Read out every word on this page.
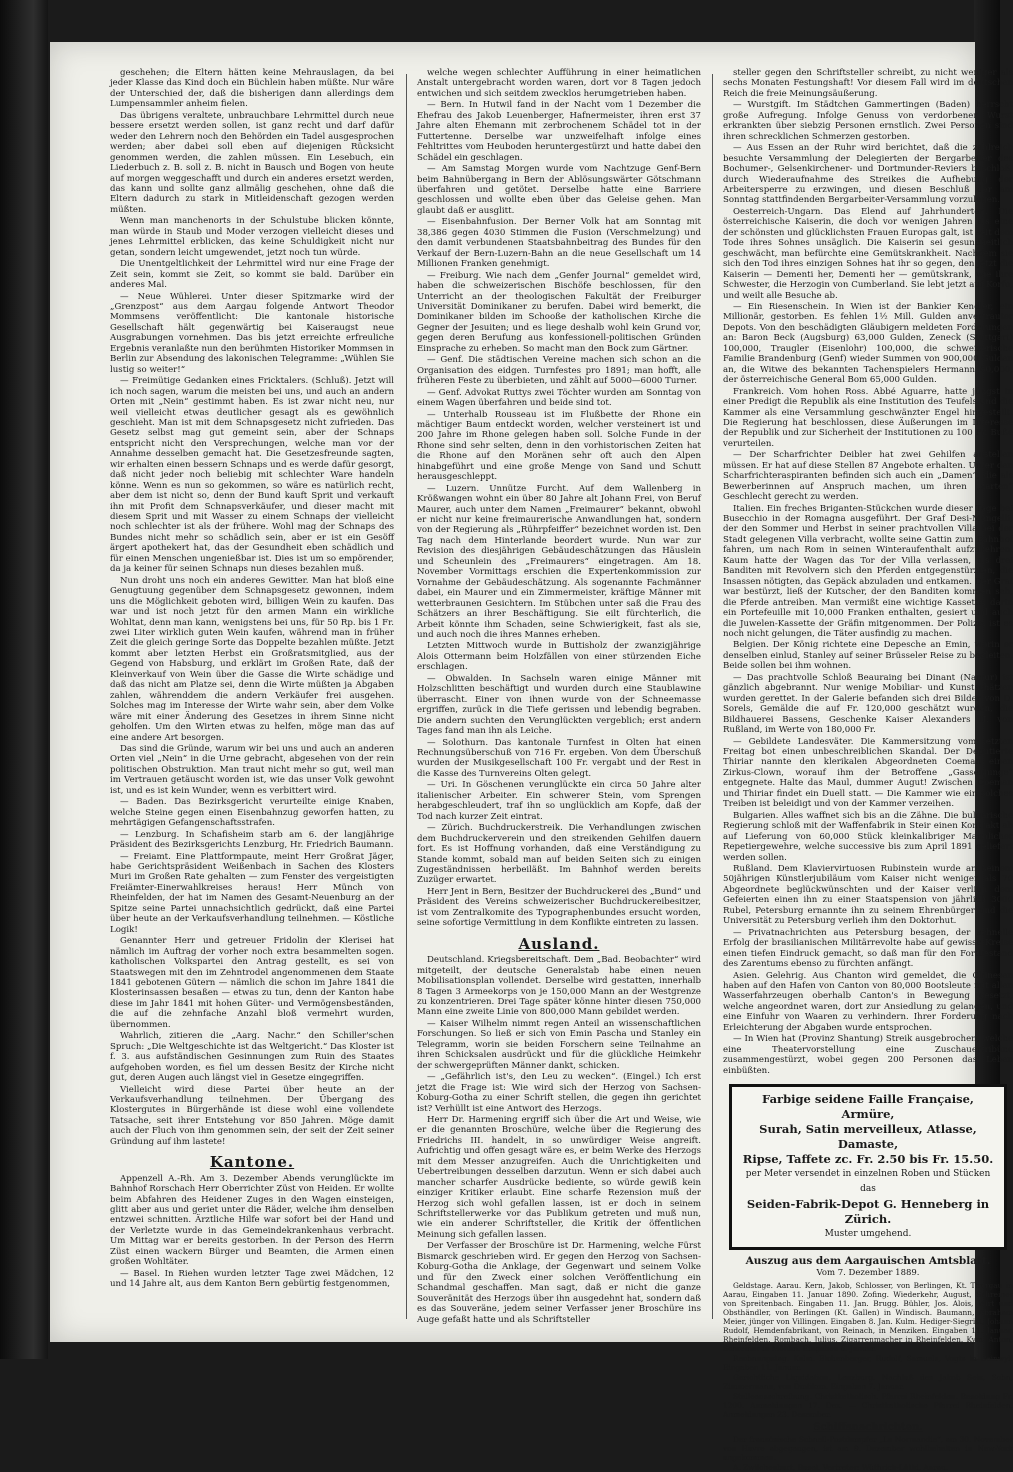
geschehen; die Eltern hätten keine Mehrauslagen, da bei jeder Klasse das Kind doch ein Büchlein haben müßte. Nur wäre der Unterschied der, daß die bisherigen dann allerdings dem Lumpensammler anheim fielen.

Das übrigens veraltete, unbrauchbare Lehrmittel durch neue bessere ersetzt werden sollen, ist ganz recht und darf dafür weder den Lehrern noch den Behörden ein Tadel ausgesprochen werden; aber dabei soll eben auf diejenigen Rücksicht genommen werden, die zahlen müssen. Ein Lesebuch, ein Liederbuch z. B. soll z. B. nicht in Bausch und Bogen von heute auf morgen weggeschafft und durch ein anderes ersetzt werden, das kann und sollte ganz allmälig geschehen, ohne daß die Eltern dadurch zu stark in Mitleidenschaft gezogen werden müßten.

Wenn man manchenorts in der Schulstube blicken könnte, man würde in Staub und Moder verzogen vielleicht dieses und jenes Lehrmittel erblicken, das keine Schuldigkeit nicht nur getan, sondern leicht umgewendet, jetzt noch tun würde.

Die Unentgeltlichkeit der Lehrmittel wird nur eine Frage der Zeit sein, kommt sie Zeit, so kommt sie bald. Darüber ein anderes Mal.

— Neue Wühlerei. Unter dieser Spitzmarke wird der „Grenzpost“ aus dem Aargau folgende Antwort Theodor Mommsens veröffentlicht: Die kantonale historische Gesellschaft hält gegenwärtig bei Kaiseraugst neue Ausgrabungen vornehmen. Das bis jetzt erreichte erfreuliche Ergebnis veranlaßte nun den berühmten Historiker Mommsen in Berlin zur Absendung des lakonischen Telegramme: „Wühlen Sie lustig so weiter!“

— Freimütige Gedanken eines Fricktalers. (Schluß). Jetzt will ich noch sagen, warum die meisten bei uns, und auch an andern Orten mit „Nein“ gestimmt haben. Es ist zwar nicht neu, nur weil vielleicht etwas deutlicher gesagt als es gewöhnlich geschieht. Man ist mit dem Schnapsgesetz nicht zufrieden. Das Gesetz selbst mag gut gemeint sein, aber der Schnaps entspricht nicht den Versprechungen, welche man vor der Annahme desselben gemacht hat. Die Gesetzesfreunde sagten, wir erhalten einen bessern Schnaps und es werde dafür gesorgt, daß nicht jeder noch beliebig mit schlechter Ware handeln könne. Wenn es nun so gekommen, so wäre es natürlich recht, aber dem ist nicht so, denn der Bund kauft Sprit und verkauft ihn mit Profit dem Schnapsverkäufer, und dieser macht mit diesem Sprit und mit Wasser zu einem Schnaps der vielleicht noch schlechter ist als der frühere. Wohl mag der Schnaps des Bundes nicht mehr so schädlich sein, aber er ist ein Gesöff ärgert apothekert hat, das der Gesundheit eben schädlich und für einen Menschen ungenießbar ist. Dies ist um so empörender, da ja keiner für seinen Schnaps nun dieses bezahlen muß.

Nun droht uns noch ein anderes Gewitter. Man hat bloß eine Genugtuung gegenüber dem Schnapsgesetz gewonnen, indem uns die Möglichkeit geboten wird, billigen Wein zu kaufen. Das war und ist noch jetzt für den armen Mann ein wirkliche Wohltat, denn man kann, wenigstens bei uns, für 50 Rp. bis 1 Fr. zwei Liter wirklich guten Wein kaufen, während man in früher Zeit die gleich geringe Sorte das Doppelte bezahlen müßte. Jetzt kommt aber letzten Herbst ein Großratsmitglied, aus der Gegend von Habsburg, und erklärt im Großen Rate, daß der Kleinverkauf von Wein über die Gasse die Wirte schädige und daß das nicht am Platze sei, denn die Wirte müßten ja Abgaben zahlen, währenddem die andern Verkäufer frei ausgehen. Solches mag im Interesse der Wirte wahr sein, aber dem Volke wäre mit einer Änderung des Gesetzes in ihrem Sinne nicht geholfen. Um den Wirten etwas zu helfen, möge man das auf eine andere Art besorgen.

Das sind die Gründe, warum wir bei uns und auch an anderen Orten viel „Nein“ in die Urne gebracht, abgesehen von der rein politischen Obstruktion. Man traut nicht mehr so gut, weil man im Vertrauen getäuscht worden ist, wie das unser Volk gewohnt ist, und es ist kein Wunder, wenn es verbittert wird.

— Baden. Das Bezirksgericht verurteilte einige Knaben, welche Steine gegen einen Eisenbahnzug geworfen hatten, zu mehrtägigen Gefangenschaftsstrafen.

— Lenzburg. In Schafisheim starb am 6. der langjährige Präsident des Bezirksgerichts Lenzburg, Hr. Friedrich Baumann.

— Freiamt. Eine Plattformpaute, meint Herr Großrat Jäger, habe Gerichtspräsident Weißenbach in Sachen des Klosters Muri im Großen Rate gehalten — zum Fenster des vergeistigten Freiämter-Einerwahlkreises heraus! Herr Münch von Rheinfelden, der hat im Namen des Gesamt-Neuenburg an der Spitze seine Partei unnachsichtlich gedrückt, daß eine Partei über heute an der Verkaufsverhandlung teilnehmen. — Köstliche Logik!

Genannter Herr und getreuer Fridolin der Klerisei hat nämlich im Auftrag der vorher noch extra besammelten sogen. katholischen Volkspartei den Antrag gestellt, es sei von Staatswegen mit den im Zehntrodel angenommenen dem Staate 1841 gebotenen Gütern — nämlich die schon im Jahre 1841 die Klosterinsassen besaßen — etwas zu tun, denn der Kanton habe diese im Jahr 1841 mit hohen Güter- und Vermögensbeständen, die auf die zehnfache Anzahl bloß vermehrt wurden, übernommen.

Wahrlich, zitieren die „Aarg. Nachr.“ den Schiller'schen Spruch: „Die Weltgeschichte ist das Weltgericht.“ Das Kloster ist f. 3. aus aufständischen Gesinnungen zum Ruin des Staates aufgehoben worden, es fiel um dessen Besitz der Kirche nicht gut, deren Augen auch längst viel in Gesetze eingegriffen.

Vielleicht wird diese Partei über heute an der Verkaufsverhandlung teilnehmen. Der Übergang des Klostergutes in Bürgerhände ist diese wohl eine vollendete Tatsache, seit ihrer Entstehung vor 850 Jahren. Möge damit auch der Fluch von ihm genommen sein, der seit der Zeit seiner Gründung auf ihm lastete!

Kantone.

Appenzell A.-Rh. Am 3. Dezember Abends verunglückte im Bahnhof Rorschach Herr Oberrichter Züst von Heiden. Er wollte beim Abfahren des Heidener Zuges in den Wagen einsteigen, glitt aber aus und geriet unter die Räder, welche ihm denselben entzwei schnitten. Ärztliche Hilfe war sofort bei der Hand und der Verletzte wurde in das Gemeindekrankenhaus verbracht. Um Mittag war er bereits gestorben. In der Person des Herrn Züst einen wackern Bürger und Beamten, die Armen einen großen Wohltäter.

— Basel. In Riehen wurden letzter Tage zwei Mädchen, 12 und 14 Jahre alt, aus dem Kanton Bern gebürtig festgenommen,

welche wegen schlechter Aufführung in einer heimatlichen Anstalt untergebracht worden waren, dort vor 8 Tagen jedoch entwichen und sich seitdem zwecklos herumgetrieben haben.

— Bern. In Hutwil fand in der Nacht vom 1 Dezember die Ehefrau des Jakob Leuenberger, Hafnermeister, ihren erst 37 Jahre alten Ehemann mit zerbrochenem Schädel tot in der Futtertenne. Derselbe war unzweifelhaft infolge eines Fehltrittes vom Heuboden heruntergestürzt und hatte dabei den Schädel ein geschlagen.

— Am Samstag Morgen wurde vom Nachtzuge Genf-Bern beim Bahnübergang in Bern der Ablösungswärter Götschmann überfahren und getötet. Derselbe hatte eine Barriere geschlossen und wollte eben über das Geleise gehen. Man glaubt daß er ausglitt.

— Eisenbahnfusion. Der Berner Volk hat am Sonntag mit 38,386 gegen 4030 Stimmen die Fusion (Verschmelzung) und den damit verbundenen Staatsbahnbeitrag des Bundes für den Verkauf der Bern-Luzern-Bahn an die neue Gesellschaft um 14 Millionen Franken genehmigt.

— Freiburg. Wie nach dem „Genfer Journal“ gemeldet wird, haben die schweizerischen Bischöfe beschlossen, für den Unterricht an der theologischen Fakultät der Freiburger Universität Dominikaner zu berufen. Dabei wird bemerkt, die Dominikaner bilden im Schooße der katholischen Kirche die Gegner der Jesuiten; und es liege deshalb wohl kein Grund vor, gegen deren Berufung aus konfessionell-politischen Gründen Einsprache zu erheben. So macht man den Bock zum Gärtner.

— Genf. Die städtischen Vereine machen sich schon an die Organisation des eidgen. Turnfestes pro 1891; man hofft, alle früheren Feste zu überbieten, und zählt auf 5000—6000 Turner.

— Genf. Advokat Ruttys zwei Töchter wurden am Sonntag von einem Wagen überfahren und beide sind tot.

— Unterhalb Rousseau ist im Flußbette der Rhone ein mächtiger Baum entdeckt worden, welcher versteinert ist und 200 Jahre im Rhone gelegen haben soll. Solche Funde in der Rhone sind sehr selten, denn in den vorhistorischen Zeiten hat die Rhone auf den Moränen sehr oft auch den Alpen hinabgeführt und eine große Menge von Sand und Schutt herausgeschleppt.

— Luzern. Unnütze Furcht. Auf dem Wallenberg in Krößwangen wohnt ein über 80 Jahre alt Johann Frei, von Beruf Maurer, auch unter dem Namen „Freimaurer“ bekannt, obwohl er nicht nur keine freimaurerische Anwandlungen hat, sondern von der Regierung als „Rührpfeiffer“ bezeichnet worden ist. Den Tag nach dem Hinterlande beordert wurde. Nun war zur Revision des diesjährigen Gebäudeschätzungen das Häuslein und Scheunlein des „Freimaurers“ eingetragen. Am 18. November Vormittags erschien die Expertenkommission zur Vornahme der Gebäudeschätzung. Als sogenannte Fachmänner dabei, ein Maurer und ein Zimmermeister, kräftige Männer mit wetterbraunen Gesichtern. Im Stübchen unter saß die Frau des Schätzers an ihrer Beschäftigung. Sie eilt fürchterlich, die Arbeit könnte ihm Schaden, seine Schwierigkeit, fast als sie, und auch noch die ihres Mannes erheben.

Letzten Mittwoch wurde in Buttisholz der zwanzigjährige Alois Ottermann beim Holzfällen von einer stürzenden Eiche erschlagen.

— Obwalden. In Sachseln waren einige Männer mit Holzschlitten beschäftigt und wurden durch eine Staublawine überrascht. Einer von ihnen wurde von der Schneemasse ergriffen, zurück in die Tiefe gerissen und lebendig begraben. Die andern suchten den Verunglückten vergeblich; erst andern Tages fand man ihn als Leiche.

— Solothurn. Das kantonale Turnfest in Olten hat einen Rechnungsüberschuß von 716 Fr. ergeben. Von dem Überschuß wurden der Musikgesellschaft 100 Fr. vergabt und der Rest in die Kasse des Turnvereins Olten gelegt.

— Uri. In Göschenen verunglückte ein circa 50 Jahre alter italienischer Arbeiter. Ein schwerer Stein, vom Sprengen herabgeschleudert, traf ihn so unglücklich am Kopfe, daß der Tod nach kurzer Zeit eintrat.

— Zürich. Buchdruckerstreik. Die Verhandlungen zwischen dem Buchdruckerverein und den streikenden Gehilfen dauern fort. Es ist Hoffnung vorhanden, daß eine Verständigung zu Stande kommt, sobald man auf beiden Seiten sich zu einigen Zugeständnissen herbeiläßt. Im Bahnhof werden bereits Zuzüger erwartet.

Herr Jent in Bern, Besitzer der Buchdruckerei des „Bund“ und Präsident des Vereins schweizerischer Buchdruckereibesitzer, ist vom Zentralkomite des Typographenbundes ersucht worden, seine sofortige Vermittlung in dem Konflikte eintreten zu lassen.

Ausland.

Deutschland. Kriegsbereitschaft. Dem „Bad. Beobachter“ wird mitgeteilt, der deutsche Generalstab habe einen neuen Mobilisationsplan vollendet. Derselbe wird gestatten, innerhalb 8 Tagen 3 Armeekorps von je 150,000 Mann an der Westgrenze zu konzentrieren. Drei Tage später könne hinter diesen 750,000 Mann eine zweite Linie von 800,000 Mann gebildet werden.

— Kaiser Wilhelm nimmt regen Anteil an wissenschaftlichen Forschungen. So ließ er sich von Emin Pascha und Stanley ein Telegramm, worin sie beiden Forschern seine Teilnahme an ihren Schicksalen ausdrückt und für die glückliche Heimkehr der schwergeprüften Männer dankt, schicken.

— „Gefährlich ist's, den Leu zu wecken“. (Eingel.) Ich erst jetzt die Frage ist: Wie wird sich der Herzog von Sachsen-Koburg-Gotha zu einer Schrift stellen, die gegen ihn gerichtet ist? Verhüllt ist eine Antwort des Herzogs.

Herr Dr. Harmening ergriff sich über die Art und Weise, wie er die genannten Broschüre, welche über die Regierung des Friedrichs III. handelt, in so unwürdiger Weise angreift. Aufrichtig und offen gesagt wäre es, er beim Werke des Herzogs mit dem Messer anzugreifen. Auch die Unrichtigkeiten und Uebertreibungen desselben darzutun. Wenn er sich dabei auch mancher scharfer Ausdrücke bediente, so würde gewiß kein einziger Kritiker erlaubt. Eine scharfe Rezension muß der Herzog sich wohl gefallen lassen, ist er doch in seinem Schriftstellerwerke vor das Publikum getreten und muß nun, wie ein anderer Schriftsteller, die Kritik der öffentlichen Meinung sich gefallen lassen.

Der Verfasser der Broschüre ist Dr. Harmening, welche Fürst Bismarck geschrieben wird. Er gegen den Herzog von Sachsen-Koburg-Gotha die Anklage, der Gegenwart und seinem Volke und für den Zweck einer solchen Veröffentlichung ein Schandmal geschaffen. Man sagt, daß er nicht die ganze Souveränität des Herzogs über ihn ausgedehnt hat, sondern daß es das Souveräne, jedem seiner Verfasser jener Broschüre ins Auge gefaßt hatte und als Schriftsteller

steller gegen den Schriftsteller schreibt, zu nicht weniger als sechs Monaten Festungshaft! Vor diesem Fall wird im deutschen Reich die freie Meinungsäußerung.

— Wurstgift. Im Städtchen Gammertingen (Baden) herrscht große Aufregung. Infolge Genuss von verdorbener Wurst erkrankten über siebzig Personen ernstlich. Zwei Personen sind ihren schrecklichen Schmerzen gestorben.

— Aus Essen an der Ruhr wird berichtet, daß die zahlreich besuchte Versammlung der Delegierten der Bergarbeiter des Bochumer-, Gelsenkirchener- und Dortmunder-Reviers beschloß, durch Wiederaufnahme des Streikes die Aufhebung der Arbeitersperre zu erzwingen, und diesen Beschluß der am Sonntag stattfindenden Bergarbeiter-Versammlung vorzulegen.

Oesterreich-Ungarn. Das Elend auf Jahrhunderten. Die österreichische Kaiserin, die doch vor wenigen Jahren als eine der schönsten und glücklichsten Frauen Europas galt, ist seit dem Tode ihres Sohnes unsäglich. Die Kaiserin sei gesundheitlich geschwächt, man befürchte eine Gemütskrankheit. Nachdem sie sich den Tod ihres einzigen Sohnes hat ihr so gegen, den jetzt die Kaiserin — Dementi her, Dementi her — gemütskrank, wie ihre Schwester, die Herzogin von Cumberland. Sie lebt jetzt auf Korfu, und weilt alle Besuche ab.

— Ein Riesenschein. In Wien ist der Bankier Kendler, ein Millionär, gestorben. Es fehlen 1½ Mill. Gulden anvertrauter Depots. Von den beschädigten Gläubigern meldeten Forderungen an: Baron Beck (Augsburg) 63,000 Gulden, Zeneck (Stuttgart) 100,000, Traugler (Eisenlohr) 100,000, die schweizerische Familie Brandenburg (Genf) wieder Summen von 900,000 Gulden an, die Witwe des bekannten Tachenspielers Hermann 60,000, der österreichische General Bom 65,000 Gulden.

Frankreich. Vom hohen Ross. Abbé Aguarre, hatte jüngst in einer Predigt die Republik als eine Institution des Teufels und die Kammer als eine Versammlung geschwänzter Engel hingestellt. Die Regierung hat beschlossen, diese Äußerungen im Interesse der Republik und zur Sicherheit der Institutionen zu 100 Fr. Buße verurteilen.

— Der Scharfrichter Deibler hat zwei Gehilfen anstellen müssen. Er hat auf diese Stellen 87 Angebote erhalten. Unter den Scharfrichteraspiranten befinden sich auch ein „Damen“, die als Bewerberinnen auf Anspruch machen, um ihren „zarten“ Geschlecht gerecht zu werden.

Italien. Ein freches Briganten-Stückchen wurde dieser Tage bei Busecchio in der Romagna ausgeführt. Der Graf Desi-Mangelli, der den Sommer und Herbst in seiner prachtvollen Villa bei der Stadt gelegenen Villa verbracht, wollte seine Gattin zum Bahnhof fahren, um nach Rom in seinen Winteraufenthalt aufzukehren. Kaum hatte der Wagen das Tor der Villa verlassen, als drei Banditen mit Revolvern sich den Pferden entgegenstürzten, die Insassen nötigten, das Gepäck abzuladen und entkamen. Der Graf war bestürzt, ließ der Kutscher, der den Banditen kommen sah, die Pferde antreiben. Man vermißt eine wichtige Kassette, darin ein Portefeuille mit 10,000 Franken enthalten, gesiert und auch die Juwelen-Kassette der Gräfin mitgenommen. Der Polizei ist es noch nicht gelungen, die Täter ausfindig zu machen.

Belgien. Der König richtete eine Depesche an Emin, worin er denselben einlud, Stanley auf seiner Brüsseler Reise zu begleiten. Beide sollen bei ihm wohnen.

— Das prachtvolle Schloß Beauraing bei Dinant (Namur) ist gänzlich abgebrannt. Nur wenige Mobiliar- und Kunstschätzen wurden gerettet. In der Galerie befanden sich drei Bilder von D. Sorels, Gemälde die auf Fr. 120,000 geschätzt wurden, die Bildhauerei Bassens, Geschenke Kaiser Alexanders II. von Rußland, im Werte von 180,000 Fr.

— Gebildete Landesväter. Die Kammersitzung vom letzten Freitag bot einen unbeschreiblichen Skandal. Der Deputierte Thiriar nannte den klerikalen Abgeordneten Coeman einen Zirkus-Clown, worauf ihm der Betroffene „Gassenjunge“ entgegnete. Halte das Maul, dummer Augut! Zwischen Coeman und Thiriar findet ein Duell statt. — Die Kammer wie ein solches Treiben ist beleidigt und von der Kammer verzeihen.

Bulgarien. Alles waffnet sich bis an die Zähne. Die bulgarische Regierung schloß mit der Waffenfabrik in Steir einen Kontrakt ab auf Lieferung von 60,000 Stück kleinkalibriger Mannlicher Repetiergewehre, welche successive bis zum April 1891 geliefert werden sollen.

Rußland. Dem Klaviervirtuosen Rubinstein wurde an seinem 50jährigen Künstlerjubiläum vom Kaiser nicht weniger als 70 Abgeordnete beglückwünschten und der Kaiser verlieh dem Gefeierten einen ihn zu einer Staatspension von jährlich 3000 Rubel, Petersburg ernannte ihn zu seinem Ehrenbürger und die Universität zu Petersburg verlieh ihm den Doktorhut.

— Privatnachrichten aus Petersburg besagen, der schnelle Erfolg der brasilianischen Militärrevolte habe auf gewisse Kreise einen tiefen Eindruck gemacht, so daß man für den Fortbestand des Zarentums ebenso zu fürchten anfängt.

Asien. Gelehrig. Aus Chanton wird gemeldet, die Chinesen haben auf den Hafen von Canton von 80,000 Bootsleute mit allen Wasserfahrzeugen oberhalb Canton's in Bewegung gesetzt, welche angeordnet waren, dort zur Ansiedlung zu gelangen, und eine Einfuhr von Waaren zu verhindern. Ihrer Forderung nach Erleichterung der Abgaben wurde entsprochen.

— In Wien hat (Provinz Shantung) Streik ausgebrochen, welche eine Theatervorstellung eine Zuschauertribüne zusammengestürzt, wobei gegen 200 Personen das Leben einbüßten.

Farbige seidene Faille Française, Armüre,
Surah, Satin merveilleux, Atlasse, Damaste,
Ripse, Taffete zc. Fr. 2.50 bis Fr. 15.50.
per Meter versendet in einzelnen Roben und Stücken das
Seiden-Fabrik-Depot G. Henneberg in Zürich.
Muster umgehend.
Auszug aus dem Aargauischen Amtsblatt.
Vom 7. Dezember 1889.

Geldstage. Aarau. Kern, Jakob, Schlosser, von Berlingen, Kt. Thurgau in Aarau, Eingaben 11. Januar 1890. Zofing. Wiederkehr, August, Schreiner von Spreitenbach. Eingaben 11. Jan. Brugg. Bühler, Jos. Alois, Wirt und Obsthändler, von Berlingen (Kt. Gallen) in Windisch. Baumann, Abraham Meier, jünger von Villingen. Eingaben 8. Jan. Kulm. Hediger-Siegrist, Johann Rudolf, Hemdenfabrikant, von Reinach, in Menziken. Eingaben 11. Januar. Rheinfelden. Rombach, Julius, Zigarrenmacher in Rheinfelden. Kym, Anton, Schreiner in Möhlin. Eingaben 6. Januar.

Rechnungstag. Kulm. Eichenberger, Rudolf, Samuels, Vogts in Beinwyl. Eingaben 11. Januar.

Gerichtliche Liquidation. Lenzburg. Nachlaß des Jakob Seiz, Sohn, Zimmermann, von Dintikon. Eingaben 7. Januar.

Stelleausschreibung. Christkatholisch. Pfarrei Rheinfelden. Besoldung Fr. 1200. Anmeldungen 17. Dez. — Christkatholische Pfarrei Rheinfelden. Anmeldungen 23. Dezember.

Schiffsnachrichten.

Der französische Schnell-Postdampfer „La Normandie“, am 30. November von Havre abgegangen, ist am 9. Dezember wohlbehalten in New-York angekommen.

A. Zwilchenbart, Basel. Vertreter: Wüthrich-Lüthi, Aarau.
